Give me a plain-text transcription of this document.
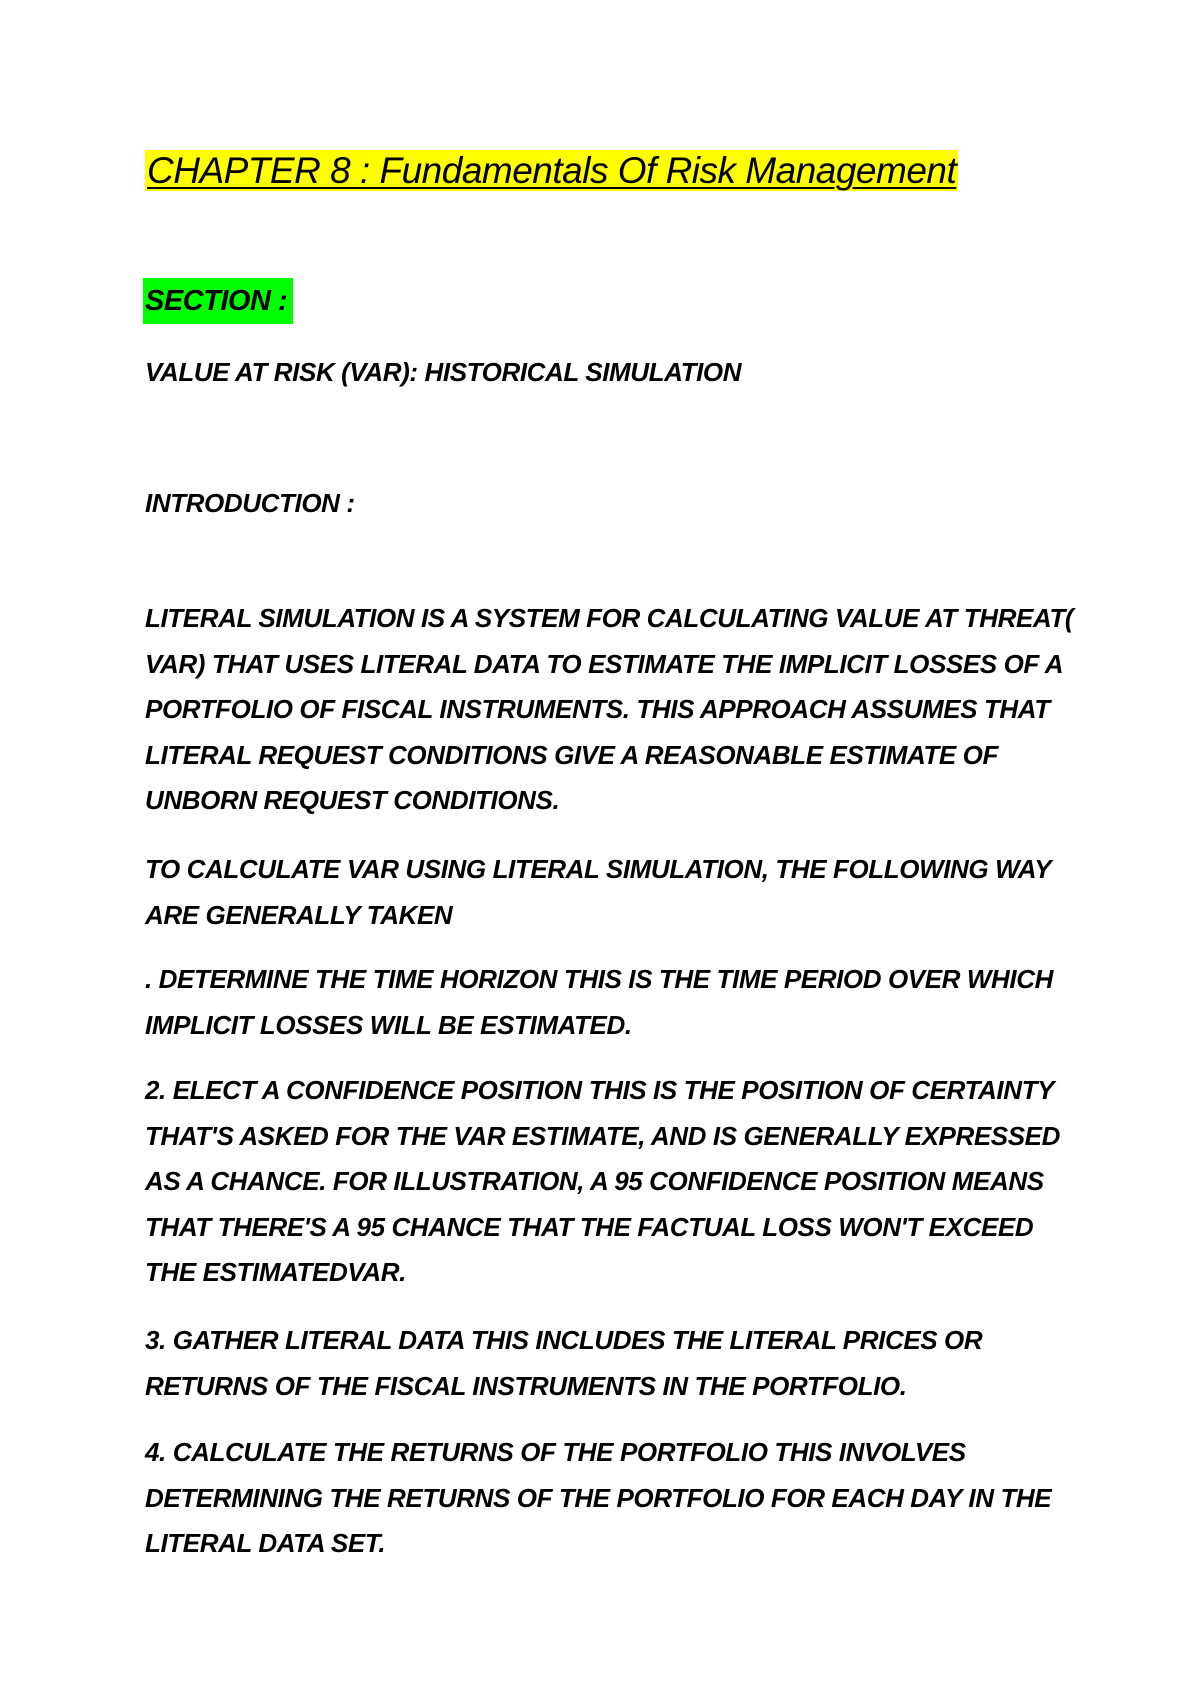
CHAPTER 8 : Fundamentals Of Risk Management

SECTION :

VALUE AT RISK (VAR): HISTORICAL SIMULATION

INTRODUCTION :

LITERAL SIMULATION IS A SYSTEM FOR CALCULATING VALUE AT THREAT( VAR) THAT USES LITERAL DATA TO ESTIMATE THE IMPLICIT LOSSES OF A PORTFOLIO OF FISCAL INSTRUMENTS. THIS APPROACH ASSUMES THAT LITERAL REQUEST CONDITIONS GIVE A REASONABLE ESTIMATE OF UNBORN REQUEST CONDITIONS.

TO CALCULATE VAR USING LITERAL SIMULATION, THE FOLLOWING WAY ARE GENERALLY TAKEN

. DETERMINE THE TIME HORIZON THIS IS THE TIME PERIOD OVER WHICH IMPLICIT LOSSES WILL BE ESTIMATED.

2. ELECT A CONFIDENCE POSITION THIS IS THE POSITION OF CERTAINTY THAT'S ASKED FOR THE VAR ESTIMATE, AND IS GENERALLY EXPRESSED AS A CHANCE. FOR ILLUSTRATION, A 95 CONFIDENCE POSITION MEANS THAT THERE'S A 95 CHANCE THAT THE FACTUAL LOSS WON'T EXCEED THE ESTIMATEDVAR.

3. GATHER LITERAL DATA THIS INCLUDES THE LITERAL PRICES OR RETURNS OF THE FISCAL INSTRUMENTS IN THE PORTFOLIO.

4. CALCULATE THE RETURNS OF THE PORTFOLIO THIS INVOLVES DETERMINING THE RETURNS OF THE PORTFOLIO FOR EACH DAY IN THE LITERAL DATA SET.
